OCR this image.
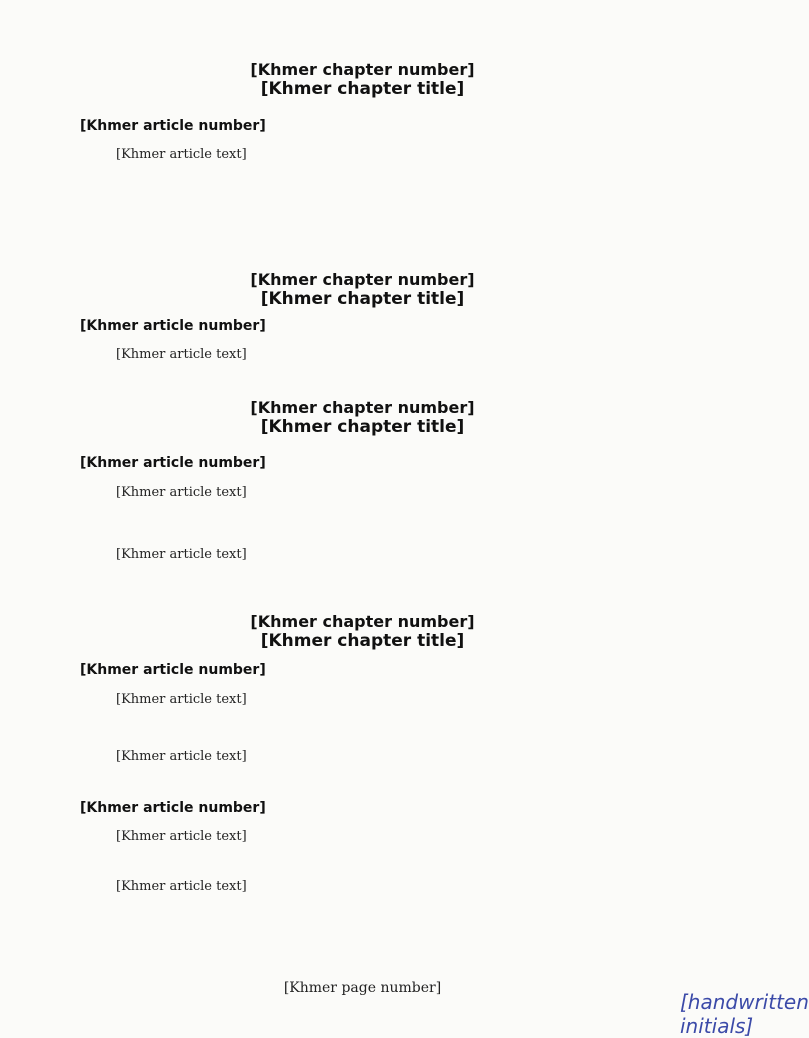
[Khmer chapter number]
[Khmer chapter title]
[Khmer article number]
[Khmer article text]
[Khmer chapter number]
[Khmer chapter title]
[Khmer article number]
[Khmer article text]
[Khmer chapter number]
[Khmer chapter title]
[Khmer article number]
[Khmer article text]
[Khmer article text]
[Khmer chapter number]
[Khmer chapter title]
[Khmer article number]
[Khmer article text]
[Khmer article text]
[Khmer article number]
[Khmer article text]
[Khmer article text]
[Khmer page number]
[handwritten initials]
